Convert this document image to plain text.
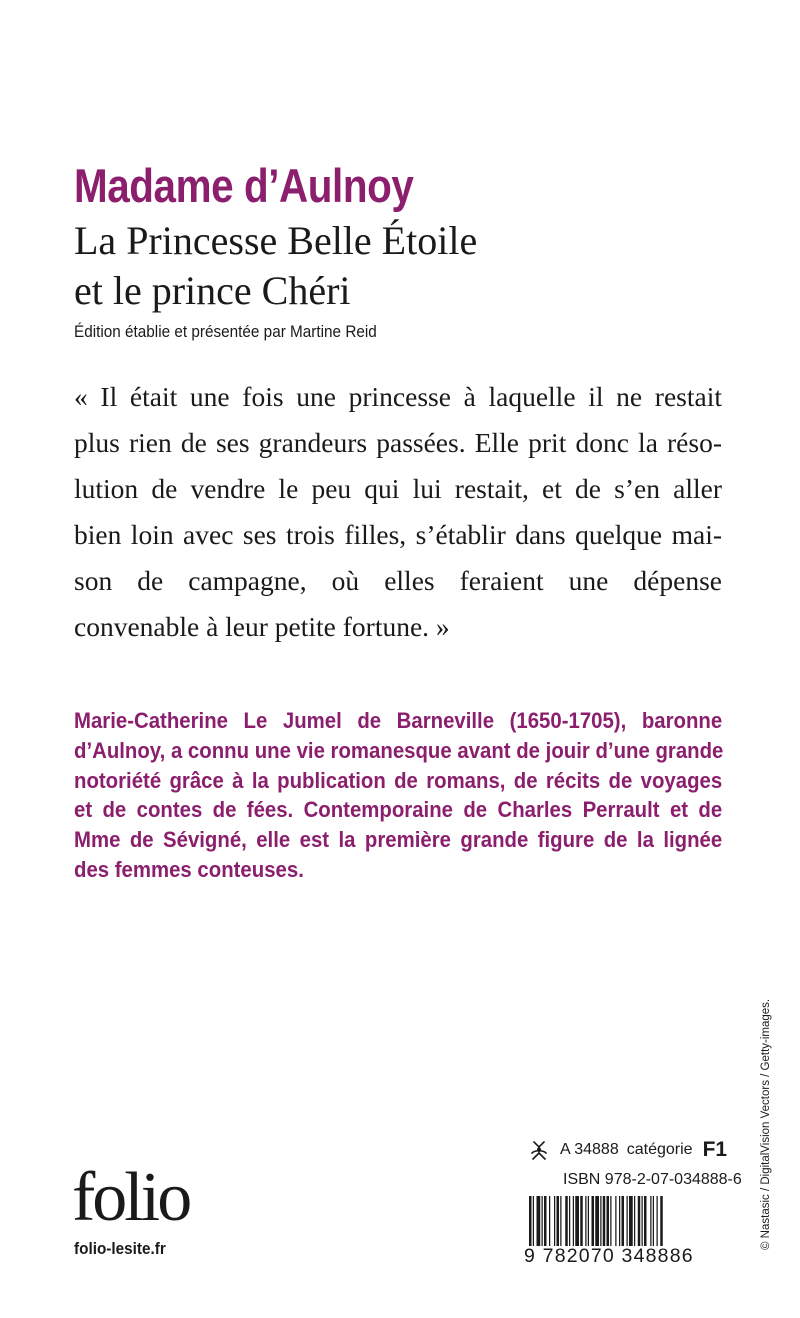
Madame d’Aulnoy
La Princesse Belle Étoile
et le prince Chéri

Édition établie et présentée par Martine Reid

« Il était une fois une princesse à laquelle il ne restait
plus rien de ses grandeurs passées. Elle prit donc la réso-
lution de vendre le peu qui lui restait, et de s’en aller
bien loin avec ses trois filles, s’établir dans quelque mai-
son de campagne, où elles feraient une dépense
convenable à leur petite fortune. »
Marie-Catherine Le Jumel de Barneville (1650-1705), baronne
d’Aulnoy, a connu une vie romanesque avant de jouir d’une grande
notoriété grâce à la publication de romans, de récits de voyages
et de contes de fées. Contemporaine de Charles Perrault et de
Mme de Sévigné, elle est la première grande figure de la lignée
des femmes conteuses.
folio
folio-lesite.fr
A 34888 catégorie F1
ISBN 978-2-07-034888-6
9 782070 348886
© Nastasic / DigitalVision Vectors / Getty-images.
